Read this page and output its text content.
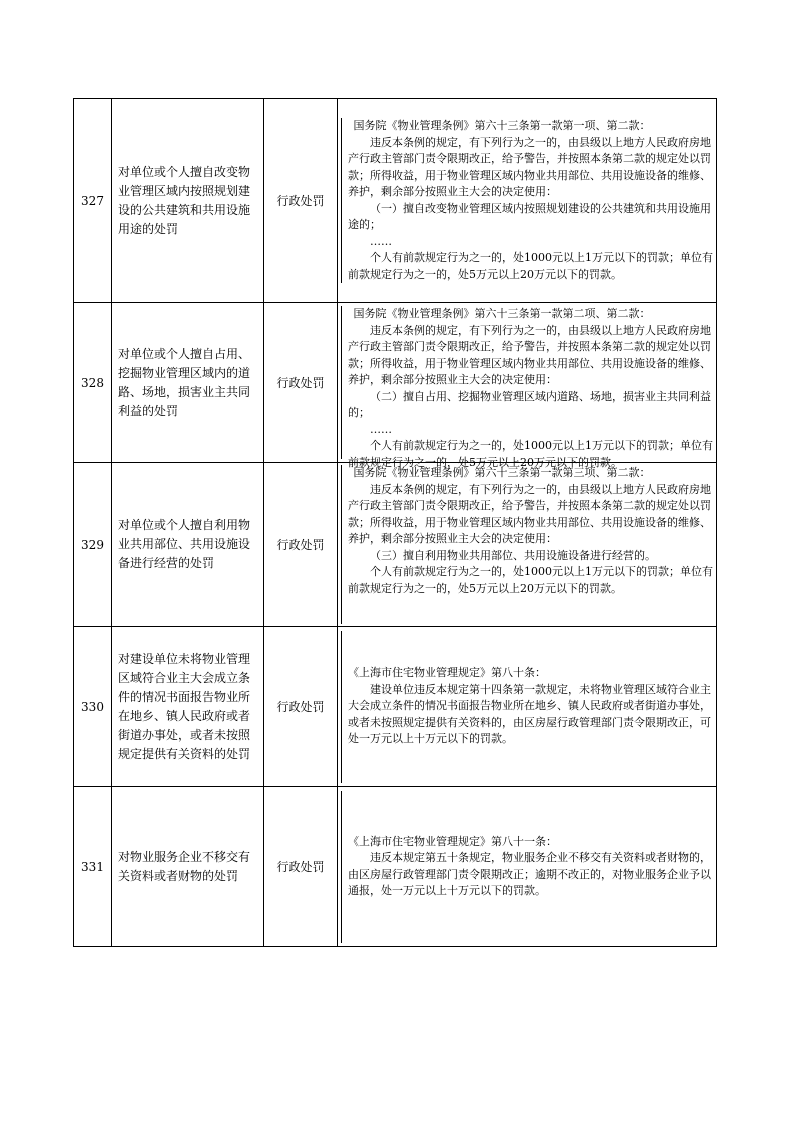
327	对单位或个人擅自改变物业管理区域内按照规划建设的公共建筑和共用设施用途的处罚	行政处罚	国务院《物业管理条例》第六十三条第一款第一项、第二款：

违反本条例的规定，有下列行为之一的，由县级以上地方人民政府房地产行政主管部门责令限期改正，给予警告，并按照本条第二款的规定处以罚款；所得收益，用于物业管理区域内物业共用部位、共用设施设备的维修、养护，剩余部分按照业主大会的决定使用：

（一）擅自改变物业管理区域内按照规划建设的公共建筑和共用设施用途的；

……

个人有前款规定行为之一的，处1000元以上1万元以下的罚款；单位有前款规定行为之一的，处5万元以上20万元以下的罚款。

328	对单位或个人擅自占用、挖掘物业管理区域内的道路、场地，损害业主共同利益的处罚	行政处罚	国务院《物业管理条例》第六十三条第一款第二项、第二款：

违反本条例的规定，有下列行为之一的，由县级以上地方人民政府房地产行政主管部门责令限期改正，给予警告，并按照本条第二款的规定处以罚款；所得收益，用于物业管理区域内物业共用部位、共用设施设备的维修、养护，剩余部分按照业主大会的决定使用：

（二）擅自占用、挖掘物业管理区域内道路、场地，损害业主共同利益的；

……

个人有前款规定行为之一的，处1000元以上1万元以下的罚款；单位有前款规定行为之一的，处5万元以上20万元以下的罚款。

329	对单位或个人擅自利用物业共用部位、共用设施设备进行经营的处罚	行政处罚	国务院《物业管理条例》第六十三条第一款第三项、第二款：

违反本条例的规定，有下列行为之一的，由县级以上地方人民政府房地产行政主管部门责令限期改正，给予警告，并按照本条第二款的规定处以罚款；所得收益，用于物业管理区域内物业共用部位、共用设施设备的维修、养护，剩余部分按照业主大会的决定使用：

（三）擅自利用物业共用部位、共用设施设备进行经营的。

个人有前款规定行为之一的，处1000元以上1万元以下的罚款；单位有前款规定行为之一的，处5万元以上20万元以下的罚款。

330	对建设单位未将物业管理区域符合业主大会成立条件的情况书面报告物业所在地乡、镇人民政府或者街道办事处，或者未按照规定提供有关资料的处罚	行政处罚	《上海市住宅物业管理规定》第八十条：

建设单位违反本规定第十四条第一款规定，未将物业管理区域符合业主大会成立条件的情况书面报告物业所在地乡、镇人民政府或者街道办事处，或者未按照规定提供有关资料的，由区房屋行政管理部门责令限期改正，可处一万元以上十万元以下的罚款。

331	对物业服务企业不移交有关资料或者财物的处罚	行政处罚	《上海市住宅物业管理规定》第八十一条：

违反本规定第五十条规定，物业服务企业不移交有关资料或者财物的，由区房屋行政管理部门责令限期改正；逾期不改正的，对物业服务企业予以通报，处一万元以上十万元以下的罚款。
